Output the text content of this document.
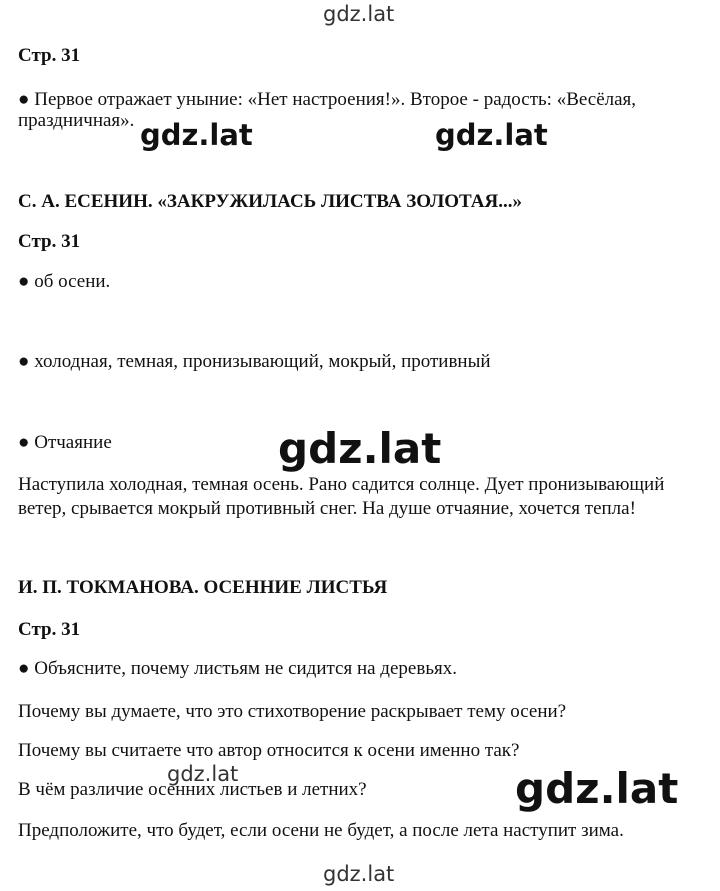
gdz.lat
gdz.lat	gdz.lat
gdz.lat
gdz.lat	gdz.lat
gdz.lat
Стр. 31
● Первое отражает уныние: «Нет настроения!». Второе - радость: «Весёлая,
праздничная».
С. А. ЕСЕНИН. «ЗАКРУЖИЛАСЬ ЛИСТВА ЗОЛОТАЯ...»
Стр. 31
● об осени.
● холодная, темная, пронизывающий, мокрый, противный
● Отчаяние
Наступила холодная, темная осень. Рано садится солнце. Дует пронизывающий
ветер, срывается мокрый противный снег. На душе отчаяние, хочется тепла!
И. П. ТОКМАНОВА. ОСЕННИЕ ЛИСТЬЯ
Стр. 31
● Объясните, почему листьям не сидится на деревьях.
Почему вы думаете, что это стихотворение раскрывает тему осени?
Почему вы считаете что автор относится к осени именно так?
В чём различие осенних листьев и летних?
Предположите, что будет, если осени не будет, а после лета наступит зима.
